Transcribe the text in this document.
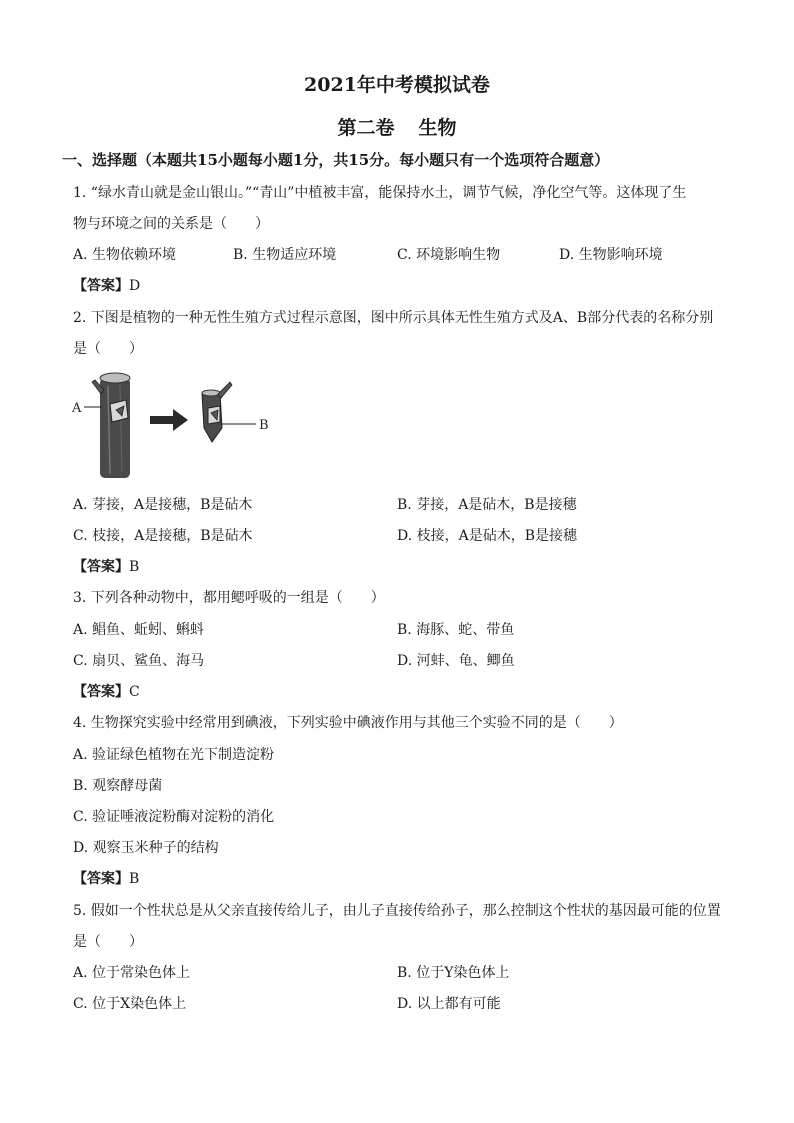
2021年中考模拟试卷
第二卷 生物
一、选择题（本题共15小题每小题1分，共15分。每小题只有一个选项符合题意）
1. “绿水青山就是金山银山。”“青山”中植被丰富，能保持水土，调节气候，净化空气等。这体现了生
物与环境之间的关系是（　　）
A. 生物依赖环境	B. 生物适应环境	C. 环境影响生物	D. 生物影响环境
【答案】D
2. 下图是植物的一种无性生殖方式过程示意图，图中所示具体无性生殖方式及A、B部分代表的名称分别
是（　　）
A
B
A. 芽接，A是接穗，B是砧木	B. 芽接，A是砧木，B是接穗
C. 枝接，A是接穗，B是砧木	D. 枝接，A是砧木，B是接穗
【答案】B
3. 下列各种动物中，都用鳃呼吸的一组是（　　）
A. 鲳鱼、蚯蚓、蝌蚪	B. 海豚、蛇、带鱼
C. 扇贝、鲨鱼、海马	D. 河蚌、龟、鲫鱼
【答案】C
4. 生物探究实验中经常用到碘液，下列实验中碘液作用与其他三个实验不同的是（　　）
A. 验证绿色植物在光下制造淀粉
B. 观察酵母菌
C. 验证唾液淀粉酶对淀粉的消化
D. 观察玉米种子的结构
【答案】B
5. 假如一个性状总是从父亲直接传给儿子，由儿子直接传给孙子，那么控制这个性状的基因最可能的位置
是（　　）
A. 位于常染色体上	B. 位于Y染色体上
C. 位于X染色体上	D. 以上都有可能
